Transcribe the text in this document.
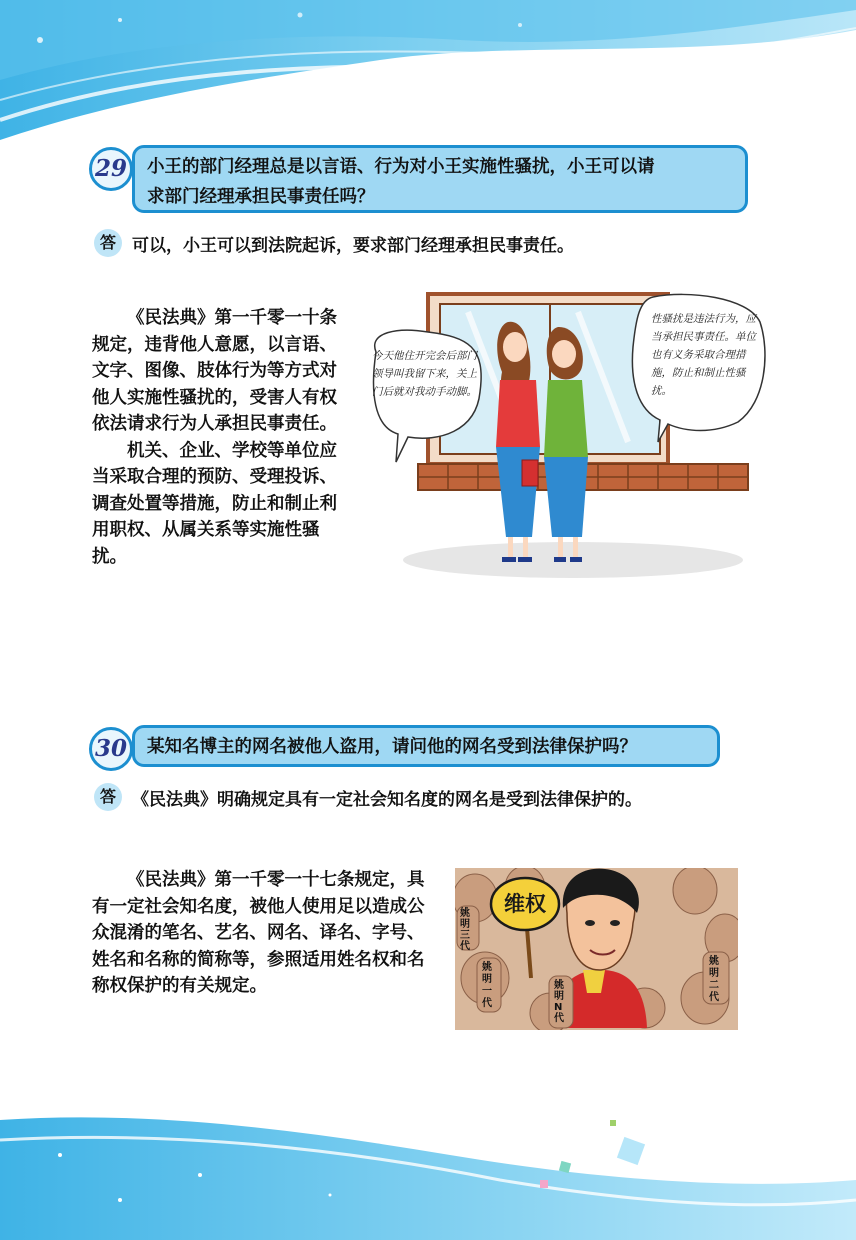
29	小王的部门经理总是以言语、行为对小王实施性骚扰，小王可以请
求部门经理承担民事责任吗？
答 可以，小王可以到法院起诉，要求部门经理承担民事责任。

《民法典》第一千零一十条规定，违背他人意愿，以言语、文字、图像、肢体行为等方式对他人实施性骚扰的，受害人有权依法请求行为人承担民事责任。

机关、企业、学校等单位应当采取合理的预防、受理投诉、调查处置等措施，防止和制止利用职权、从属关系等实施性骚扰。

今天他住开完会后部门领导叫我留下来，关上门后就对我动手动脚。
性骚扰是违法行为，应当承担民事责任。单位也有义务采取合理措施，防止和制止性骚扰。
30	某知名博主的网名被他人盗用，请问他的网名受到法律保护吗？
答 《民法典》明确规定具有一定社会知名度的网名是受到法律保护的。

《民法典》第一千零一十七条规定，具有一定社会知名度，被他人使用足以造成公众混淆的笔名、艺名、网名、译名、字号、姓名和名称的简称等，参照适用姓名权和名称权保护的有关规定。

维权
姚明三代
姚明一代
姚明N代
姚明二代
